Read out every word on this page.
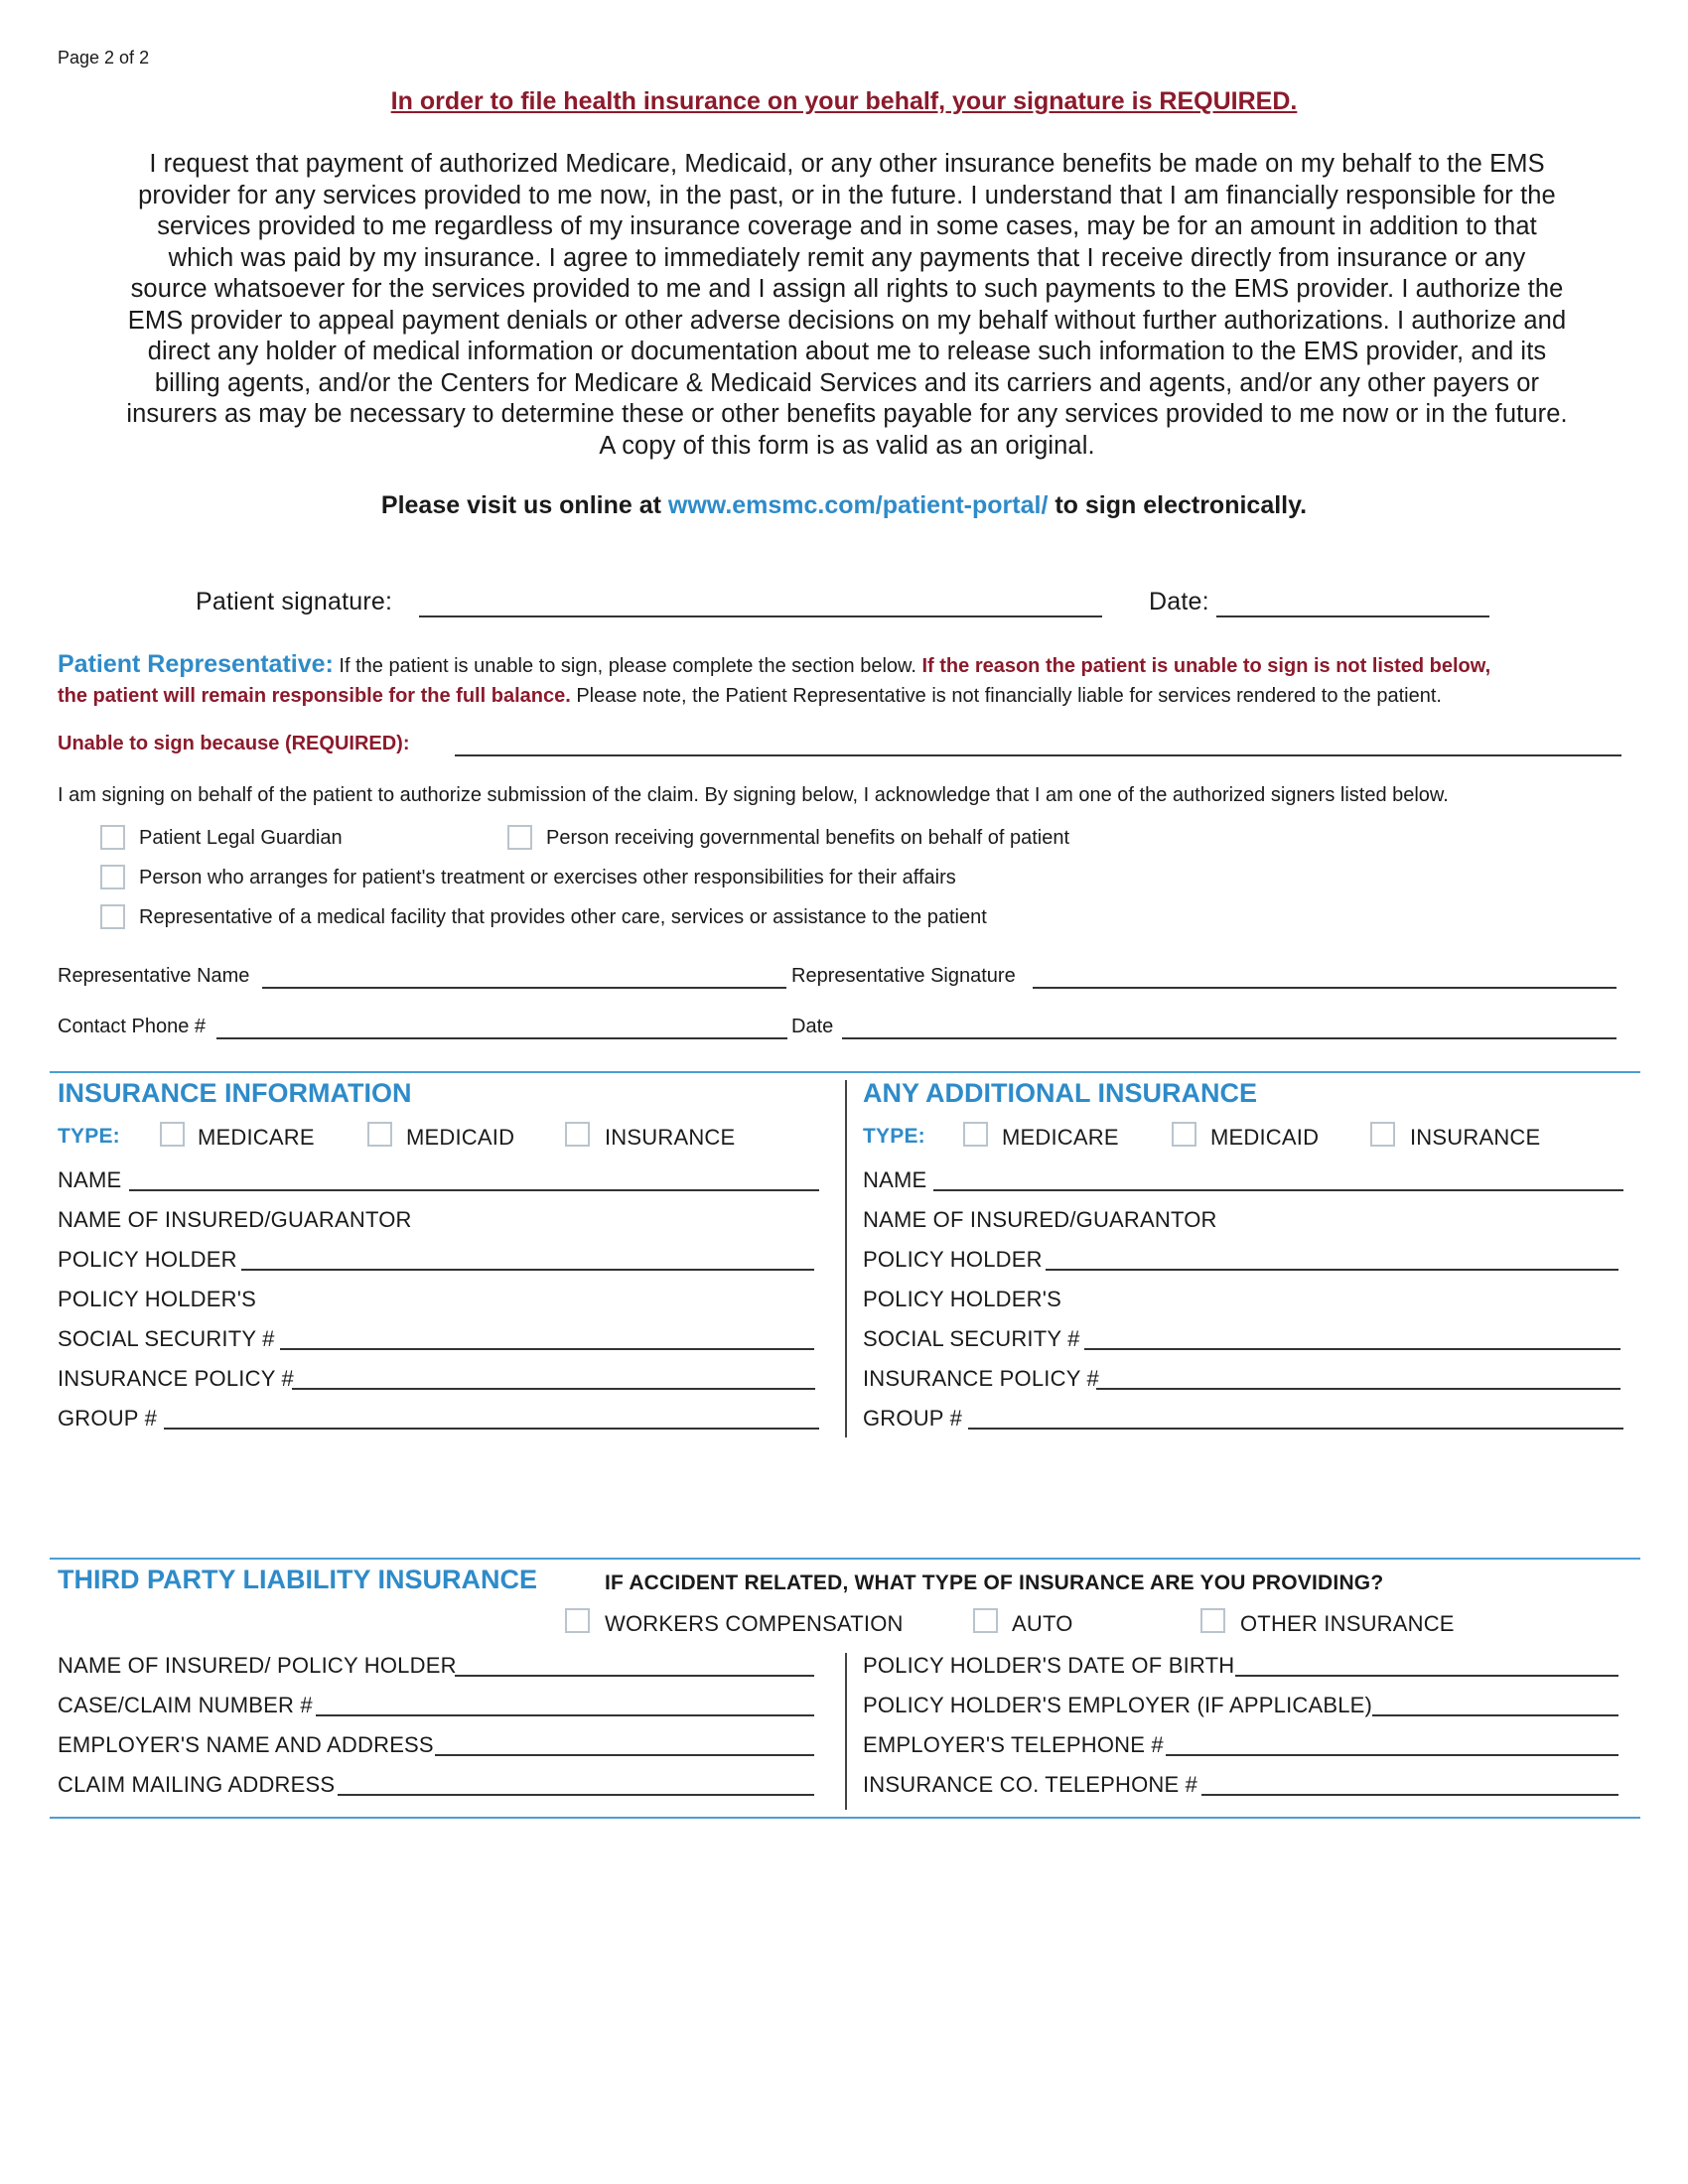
Page 2 of 2
In order to file health insurance on your behalf, your signature is REQUIRED.
I request that payment of authorized Medicare, Medicaid, or any other insurance benefits be made on my behalf to the EMS
provider for any services provided to me now, in the past, or in the future. I understand that I am financially responsible for the
services provided to me regardless of my insurance coverage and in some cases, may be for an amount in addition to that
which was paid by my insurance. I agree to immediately remit any payments that I receive directly from insurance or any
source whatsoever for the services provided to me and I assign all rights to such payments to the EMS provider. I authorize the
EMS provider to appeal payment denials or other adverse decisions on my behalf without further authorizations. I authorize and
direct any holder of medical information or documentation about me to release such information to the EMS provider, and its
billing agents, and/or the Centers for Medicare & Medicaid Services and its carriers and agents, and/or any other payers or
insurers as may be necessary to determine these or other benefits payable for any services provided to me now or in the future.
A copy of this form is as valid as an original.
Please visit us online at www.emsmc.com/patient-portal/ to sign electronically.
Patient signature:	Date:
Patient Representative: If the patient is unable to sign, please complete the section below. If the reason the patient is unable to sign is not listed below,
the patient will remain responsible for the full balance. Please note, the Patient Representative is not financially liable for services rendered to the patient.
Unable to sign because (REQUIRED):
I am signing on behalf of the patient to authorize submission of the claim. By signing below, I acknowledge that I am one of the authorized signers listed below.
Patient Legal Guardian	Person receiving governmental benefits on behalf of patient
Person who arranges for patient's treatment or exercises other responsibilities for their affairs
Representative of a medical facility that provides other care, services or assistance to the patient
Representative Name	Representative Signature
Contact Phone #	Date
INSURANCE INFORMATION
TYPE:	MEDICARE	MEDICAID	INSURANCE
NAME
NAME OF INSURED/GUARANTOR
POLICY HOLDER
POLICY HOLDER'S
SOCIAL SECURITY #
INSURANCE POLICY #
GROUP #
ANY ADDITIONAL INSURANCE
TYPE:	MEDICARE	MEDICAID	INSURANCE
NAME
NAME OF INSURED/GUARANTOR
POLICY HOLDER
POLICY HOLDER'S
SOCIAL SECURITY #
INSURANCE POLICY #
GROUP #
THIRD PARTY LIABILITY INSURANCE	IF ACCIDENT RELATED, WHAT TYPE OF INSURANCE ARE YOU PROVIDING?
WORKERS COMPENSATION	AUTO	OTHER INSURANCE
NAME OF INSURED/ POLICY HOLDER
CASE/CLAIM NUMBER #
EMPLOYER'S NAME AND ADDRESS
CLAIM MAILING ADDRESS
POLICY HOLDER'S DATE OF BIRTH
POLICY HOLDER'S EMPLOYER (IF APPLICABLE)
EMPLOYER'S TELEPHONE #
INSURANCE CO. TELEPHONE #
